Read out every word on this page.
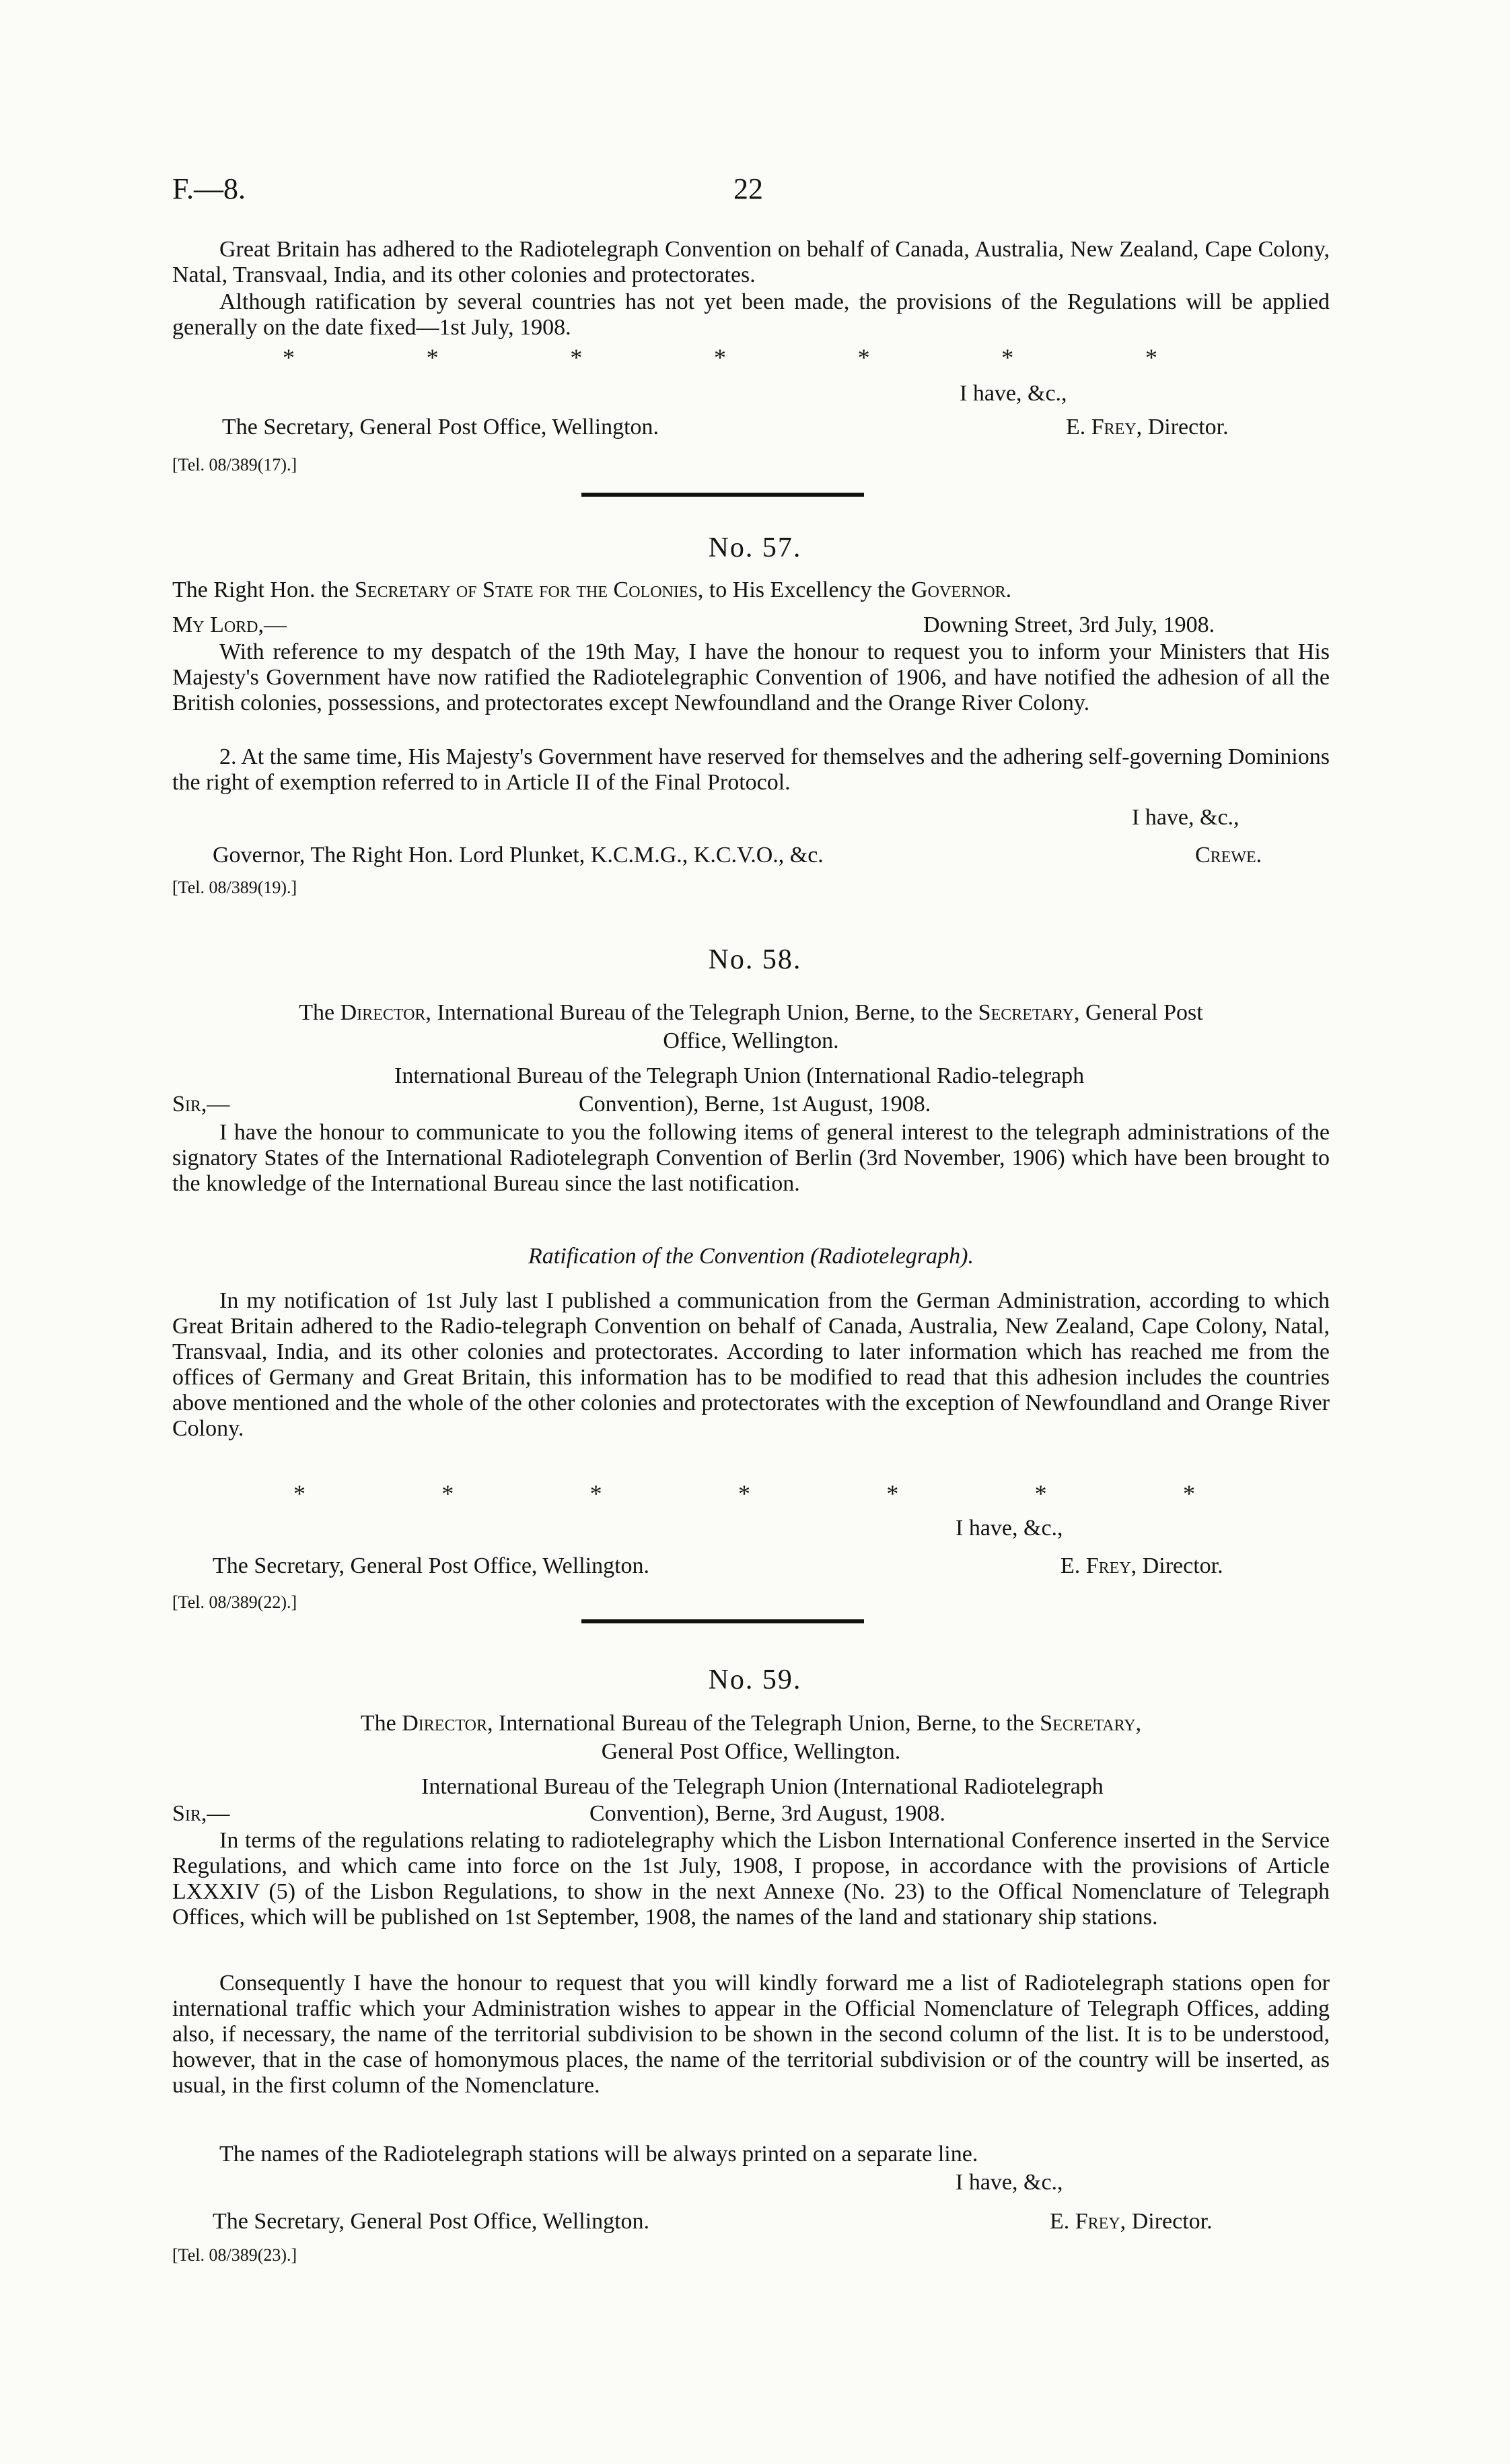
F.—8.	22
Great Britain has adhered to the Radiotelegraph Convention on behalf of Canada, Australia, New Zealand, Cape Colony, Natal, Transvaal, India, and its other colonies and protectorates.
Although ratification by several countries has not yet been made, the provisions of the Regulations will be applied generally on the date fixed—1st July, 1908.
*	*	*	*	*	*	*
I have, &c.,
The Secretary, General Post Office, Wellington.	E. Frey, Director.
[Tel. 08/389(17).]
No. 57.
The Right Hon. the Secretary of State for the Colonies, to His Excellency the Governor.
My Lord,—	Downing Street, 3rd July, 1908.
With reference to my despatch of the 19th May, I have the honour to request you to inform your Ministers that His Majesty's Government have now ratified the Radiotelegraphic Convention of 1906, and have notified the adhesion of all the British colonies, possessions, and protectorates except Newfoundland and the Orange River Colony.
2. At the same time, His Majesty's Government have reserved for themselves and the adhering self-governing Dominions the right of exemption referred to in Article II of the Final Protocol.
I have, &c.,
Governor, The Right Hon. Lord Plunket, K.C.M.G., K.C.V.O., &c.	Crewe.
[Tel. 08/389(19).]
No. 58.
The Director, International Bureau of the Telegraph Union, Berne, to the Secretary, General Post
Office, Wellington.
International Bureau of the Telegraph Union (International Radio-telegraph
Sir,—	Convention), Berne, 1st August, 1908.
I have the honour to communicate to you the following items of general interest to the telegraph administrations of the signatory States of the International Radiotelegraph Convention of Berlin (3rd November, 1906) which have been brought to the knowledge of the International Bureau since the last notification.
Ratification of the Convention (Radiotelegraph).
In my notification of 1st July last I published a communication from the German Administration, according to which Great Britain adhered to the Radio-telegraph Convention on behalf of Canada, Australia, New Zealand, Cape Colony, Natal, Transvaal, India, and its other colonies and protectorates. According to later information which has reached me from the offices of Germany and Great Britain, this information has to be modified to read that this adhesion includes the countries above mentioned and the whole of the other colonies and protectorates with the exception of Newfoundland and Orange River Colony.
*	*	*	*	*	*	*
I have, &c.,
The Secretary, General Post Office, Wellington.	E. Frey, Director.
[Tel. 08/389(22).]
No. 59.
The Director, International Bureau of the Telegraph Union, Berne, to the Secretary,
General Post Office, Wellington.
International Bureau of the Telegraph Union (International Radiotelegraph
Sir,—	Convention), Berne, 3rd August, 1908.
In terms of the regulations relating to radiotelegraphy which the Lisbon International Conference inserted in the Service Regulations, and which came into force on the 1st July, 1908, I propose, in accordance with the provisions of Article LXXXIV (5) of the Lisbon Regulations, to show in the next Annexe (No. 23) to the Offical Nomenclature of Telegraph Offices, which will be published on 1st September, 1908, the names of the land and stationary ship stations.
Consequently I have the honour to request that you will kindly forward me a list of Radiotelegraph stations open for international traffic which your Administration wishes to appear in the Official Nomenclature of Telegraph Offices, adding also, if necessary, the name of the territorial subdivision to be shown in the second column of the list. It is to be understood, however, that in the case of homonymous places, the name of the territorial subdivision or of the country will be inserted, as usual, in the first column of the Nomenclature.
The names of the Radiotelegraph stations will be always printed on a separate line.
I have, &c.,
The Secretary, General Post Office, Wellington.	E. Frey, Director.
[Tel. 08/389(23).]
